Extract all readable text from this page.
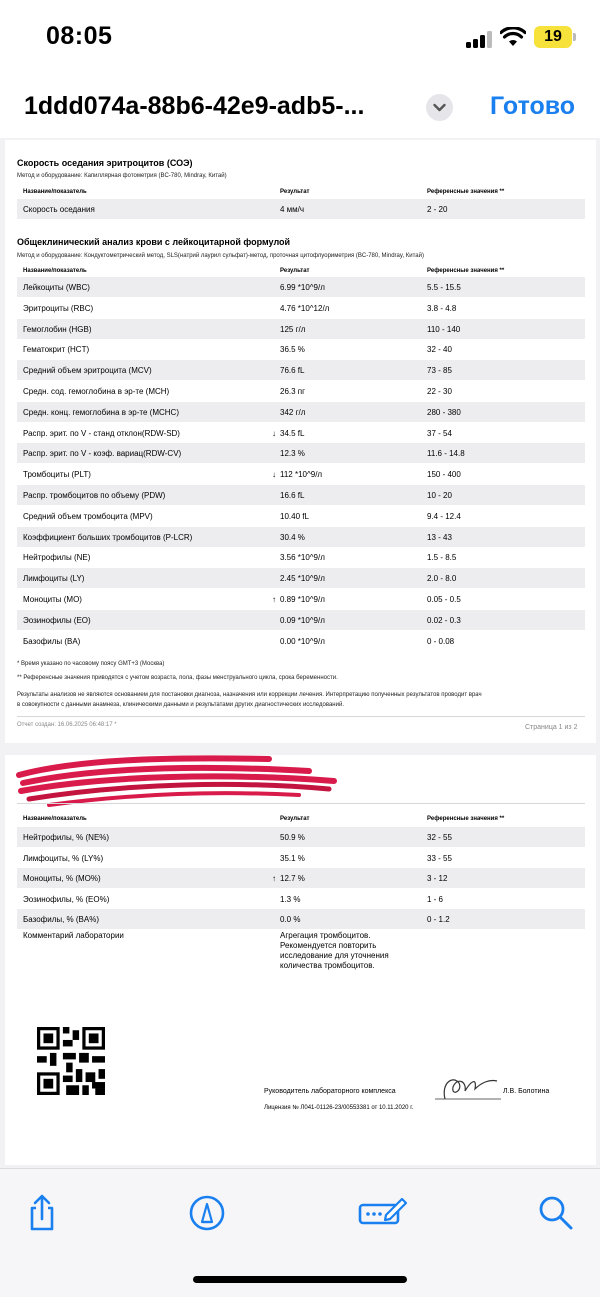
08:05	19
1ddd074a-88b6-42e9-adb5-...	Готово
Скорость оседания эритроцитов (СОЭ)
Метод и оборудование: Капиллярная фотометрия (BC-780, Mindray, Китай)
Название/показатель	Результат	Референсные значения **
Скорость оседания	4 мм/ч	2 - 20
Общеклинический анализ крови с лейкоцитарной формулой
Метод и оборудование: Кондуктометрический метод, SLS(натрий лаурил сульфат)-метод, проточная цитофлуориметрия (BC-780, Mindray, Китай)
Название/показатель	Результат	Референсные значения **
Лейкоциты (WBC)	6.99 *10^9/л	5.5 - 15.5
Эритроциты (RBC)	4.76 *10^12/л	3.8 - 4.8
Гемоглобин (HGB)	125 г/л	110 - 140
Гематокрит (HCT)	36.5 %	32 - 40
Средний объем эритроцита (MCV)	76.6 fL	73 - 85
Средн. сод. гемоглобина в эр-те (MCH)	26.3 пг	22 - 30
Средн. конц. гемоглобина в эр-те (MCHC)	342 г/л	280 - 380
Распр. эрит. по V - станд отклон(RDW-SD)	↓ 34.5 fL	37 - 54
Распр. эрит. по V - коэф. вариац(RDW-CV)	12.3 %	11.6 - 14.8
Тромбоциты (PLT)	↓ 112 *10^9/л	150 - 400
Распр. тромбоцитов по объему (PDW)	16.6 fL	10 - 20
Средний объем тромбоцита (MPV)	10.40 fL	9.4 - 12.4
Коэффициент больших тромбоцитов (P-LCR)	30.4 %	13 - 43
Нейтрофилы (NE)	3.56 *10^9/л	1.5 - 8.5
Лимфоциты (LY)	2.45 *10^9/л	2.0 - 8.0
Моноциты (MO)	↑ 0.89 *10^9/л	0.05 - 0.5
Эозинофилы (EO)	0.09 *10^9/л	0.02 - 0.3
Базофилы (BA)	0.00 *10^9/л	0 - 0.08
* Время указано по часовому поясу GMT+3 (Москва)
** Референсные значения приводятся с учетом возраста, пола, фазы менструального цикла, срока беременности.
Результаты анализов не являются основанием для постановки диагноза, назначения или коррекции лечения. Интерпретацию полученных результатов проводит врач
в совокупности с данными анамнеза, клиническими данными и результатами других диагностических исследований.
Отчет создан: 16.06.2025 06:48:17 *	Страница 1 из 2
Название/показатель	Результат	Референсные значения **
Нейтрофилы, % (NE%)	50.9 %	32 - 55
Лимфоциты, % (LY%)	35.1 %	33 - 55
Моноциты, % (MO%)	↑ 12.7 %	3 - 12
Эозинофилы, % (EO%)	1.3 %	1 - 6
Базофилы, % (BA%)	0.0 %	0 - 1.2
Комментарий лаборатории	Агрегация тромбоцитов. Рекомендуется повторить исследование для уточнения количества тромбоцитов.
Руководитель лабораторного комплекса	Л.В. Болотина
Лицензия № Л041-01126-23/00553381 от 10.11.2020 г.
